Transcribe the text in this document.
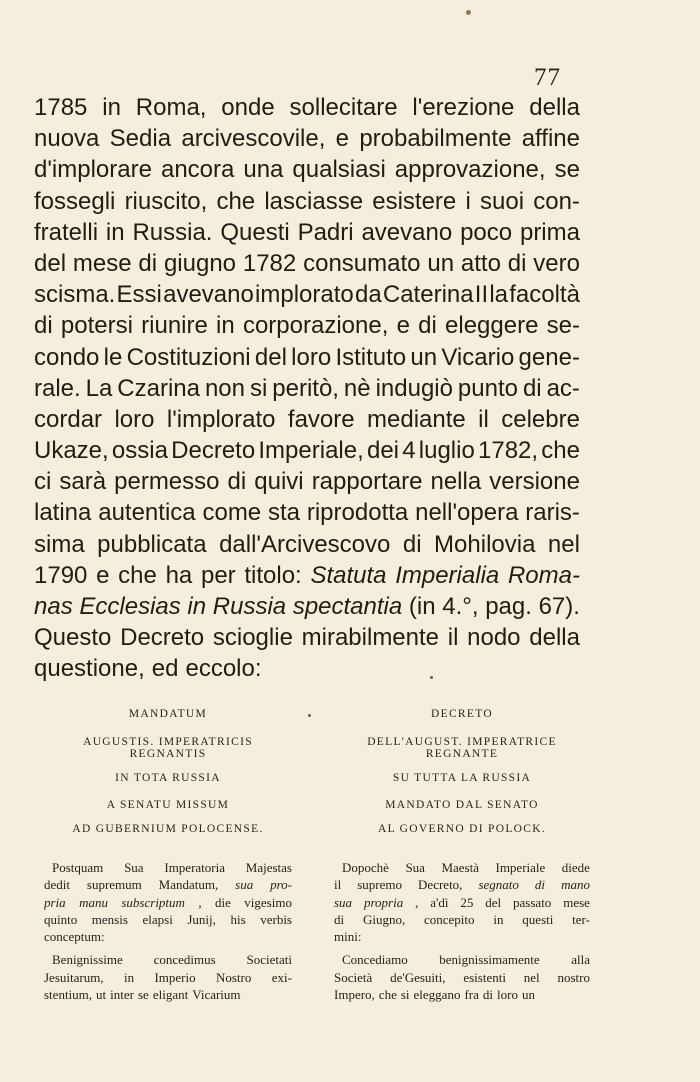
77
1785 in Roma, onde sollecitare l'erezione della
nuova Sedia arcivescovile, e probabilmente affine
d'implorare ancora una qualsiasi approvazione, se
fossegli riuscito, che lasciasse esistere i suoi con-
fratelli in Russia. Questi Padri avevano poco prima
del mese di giugno 1782 consumato un atto di vero
scisma. Essi avevano implorato da Caterina II la facoltà
di potersi riunire in corporazione, e di eleggere se-
condo le Costituzioni del loro Istituto un Vicario gene-
rale. La Czarina non si peritò, nè indugiò punto di ac-
cordar loro l'implorato favore mediante il celebre
Ukaze, ossia Decreto Imperiale, dei 4 luglio 1782, che
ci sarà permesso di quivi rapportare nella versione
latina autentica come sta riprodotta nell'opera raris-
sima pubblicata dall'Arcivescovo di Mohilovia nel
1790 e che ha per titolo: Statuta Imperialia Roma-
nas Ecclesias in Russia spectantia (in 4.°, pag. 67).
Questo Decreto scioglie mirabilmente il nodo della
questione, ed eccolo:

MANDATUM

AUGUSTIS. IMPERATRICIS REGNANTIS

IN TOTA RUSSIA

A SENATU MISSUM

AD GUBERNIUM POLOCENSE.

Postquam Sua Imperatoria Majestas
dedit supremum Mandatum, sua pro-
pria manu subscriptum , die vigesimo
quinto mensis elapsi Junij, his verbis
conceptum:
Benignissime concedimus Societati
Jesuitarum, in Imperio Nostro exi-
stentium, ut inter se eligant Vicarium

DECRETO

DELL'AUGUST. IMPERATRICE REGNANTE

SU TUTTA LA RUSSIA

MANDATO DAL SENATO

AL GOVERNO DI POLOCK.

Dopochè Sua Maestà Imperiale diede
il supremo Decreto, segnato di mano
sua propria , a'dì 25 del passato mese
di Giugno, concepito in questi ter-
mini:
Concediamo benignissimamente alla
Società de'Gesuiti, esistenti nel nostro
Impero, che si eleggano fra di loro un
